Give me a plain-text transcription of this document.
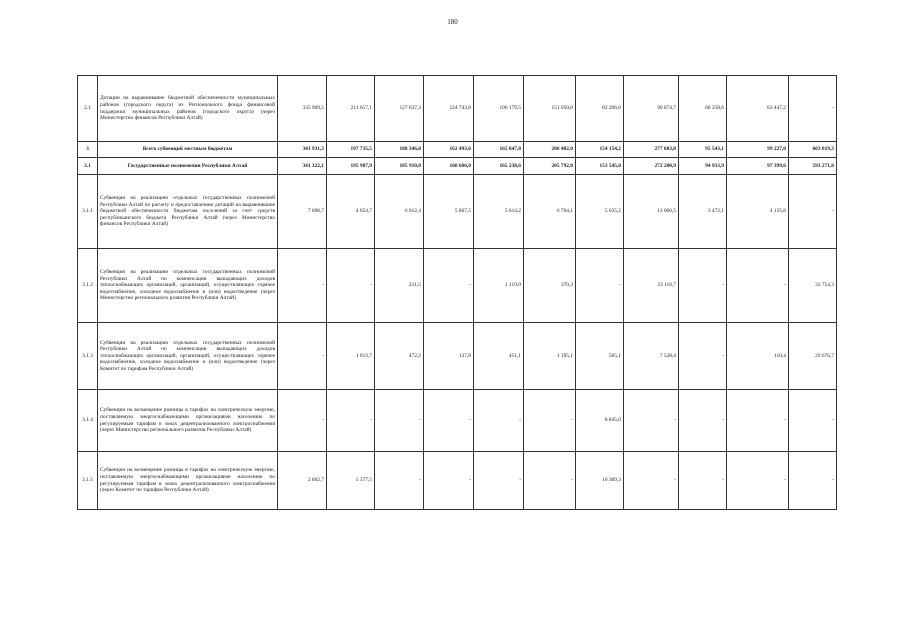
180
2.1	Дотации на выравнивание бюджетной обеспеченности муниципальных районов (городского округа) из Регионального фонда финансовой поддержки муниципальных районов (городского округа) (через Министерство финансов Республики Алтай)	335 909,5	211 657,1	127 637,3	124 743,8	106 179,5	151 050,8	82 296,6	90 674,7	68 258,6	63 447,2	-
3	Всего субвенций местным бюджетам	341 931,3	197 735,5	188 346,8	162 493,6	165 847,8	206 402,0	154 154,2	277 683,8	95 543,1	99 227,0	603 019,3
3.1	Государственные полномочия Республики Алтай	341 322,1	195 907,9	185 910,0	160 666,0	165 238,6	205 792,8	153 545,0	272 200,9	94 933,9	97 399,6	593 271,8
3.1.1	Субвенции на реализацию отдельных государственных полномочий Республики Алтай по расчету и предоставлению дотаций на выравнивание бюджетной обеспеченности бюджетам поселений за счет средств республиканского бюджета Республики Алтай (через Министерство финансов Республики Алтай)	7 698,7	4 654,7	6 012,4	5 867,5	5 614,2	6 764,1	5 035,2	13 066,5	3 472,1	4 135,8	-
3.1.2	Субвенции на реализацию отдельных государственных полномочий Республики Алтай по компенсации выпадающих доходов теплоснабжающих организаций, организаций, осуществляющих горячее водоснабжение, холодное водоснабжение и (или) водоотведение (через Министерство регионального развития Республики Алтай)	-	-	231,5	-	1 119,0	370,3	-	23 118,7	-	-	32 754,3
3.1.3	Субвенции на реализацию отдельных государственных полномочий Республики Алтай по компенсации выпадающих доходов теплоснабжающих организаций, организаций, осуществляющих горячее водоснабжение, холодное водоснабжение и (или) водоотведение (через Комитет по тарифам Республики Алтай)	-	1 013,7	472,2	137,8	451,1	1 195,1	585,1	7 528,4	-	110,4	29 676,7
3.1.4	Субвенции на возмещение разницы в тарифах на электрическую энергию, поставляемую энергоснабжающими организациями населению по регулируемым тарифам в зонах децентрализованного электроснабжения (через Министерство регионального развития Республики Алтай)	-	-	-	-	-	-	8 845,0	-	-	-	-
3.1.5	Субвенции на возмещение разницы в тарифах на электрическую энергию, поставляемую энергоснабжающими организациями населению по регулируемым тарифам в зонах децентрализованного электроснабжения (через Комитет по тарифам Республики Алтай)	2 602,7	5 377,5	-	-	-	-	10 389,3	-	-	-	-
